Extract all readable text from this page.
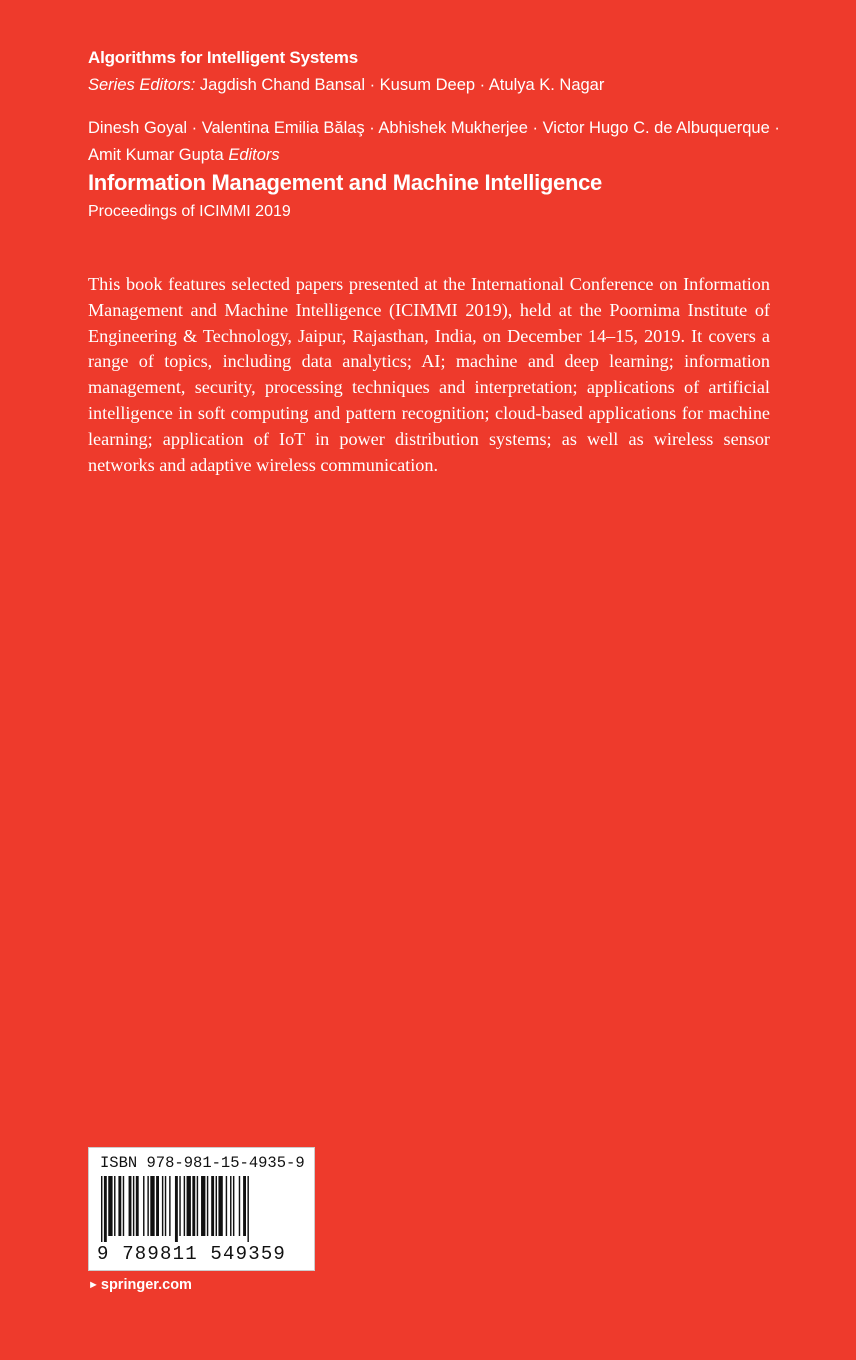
Algorithms for Intelligent Systems
Series Editors: Jagdish Chand Bansal · Kusum Deep · Atulya K. Nagar
Dinesh Goyal · Valentina Emilia Bălaş · Abhishek Mukherjee · Victor Hugo C. de Albuquerque · Amit Kumar Gupta Editors
Information Management and Machine Intelligence
Proceedings of ICIMMI 2019
This book features selected papers presented at the International Conference on Information Management and Machine Intelligence (ICIMMI 2019), held at the Poornima Institute of Engineering & Technology, Jaipur, Rajasthan, India, on December 14–15, 2019. It covers a range of topics, including data analytics; AI; machine and deep learning; information management, security, processing techniques and interpretation; applications of artificial intelligence in soft computing and pattern recognition; cloud-based applications for machine learning; application of IoT in power distribution systems; as well as wireless sensor networks and adaptive wireless communication.
ISBN 978-981-15-4935-9
9 789811 549359
► springer.com
